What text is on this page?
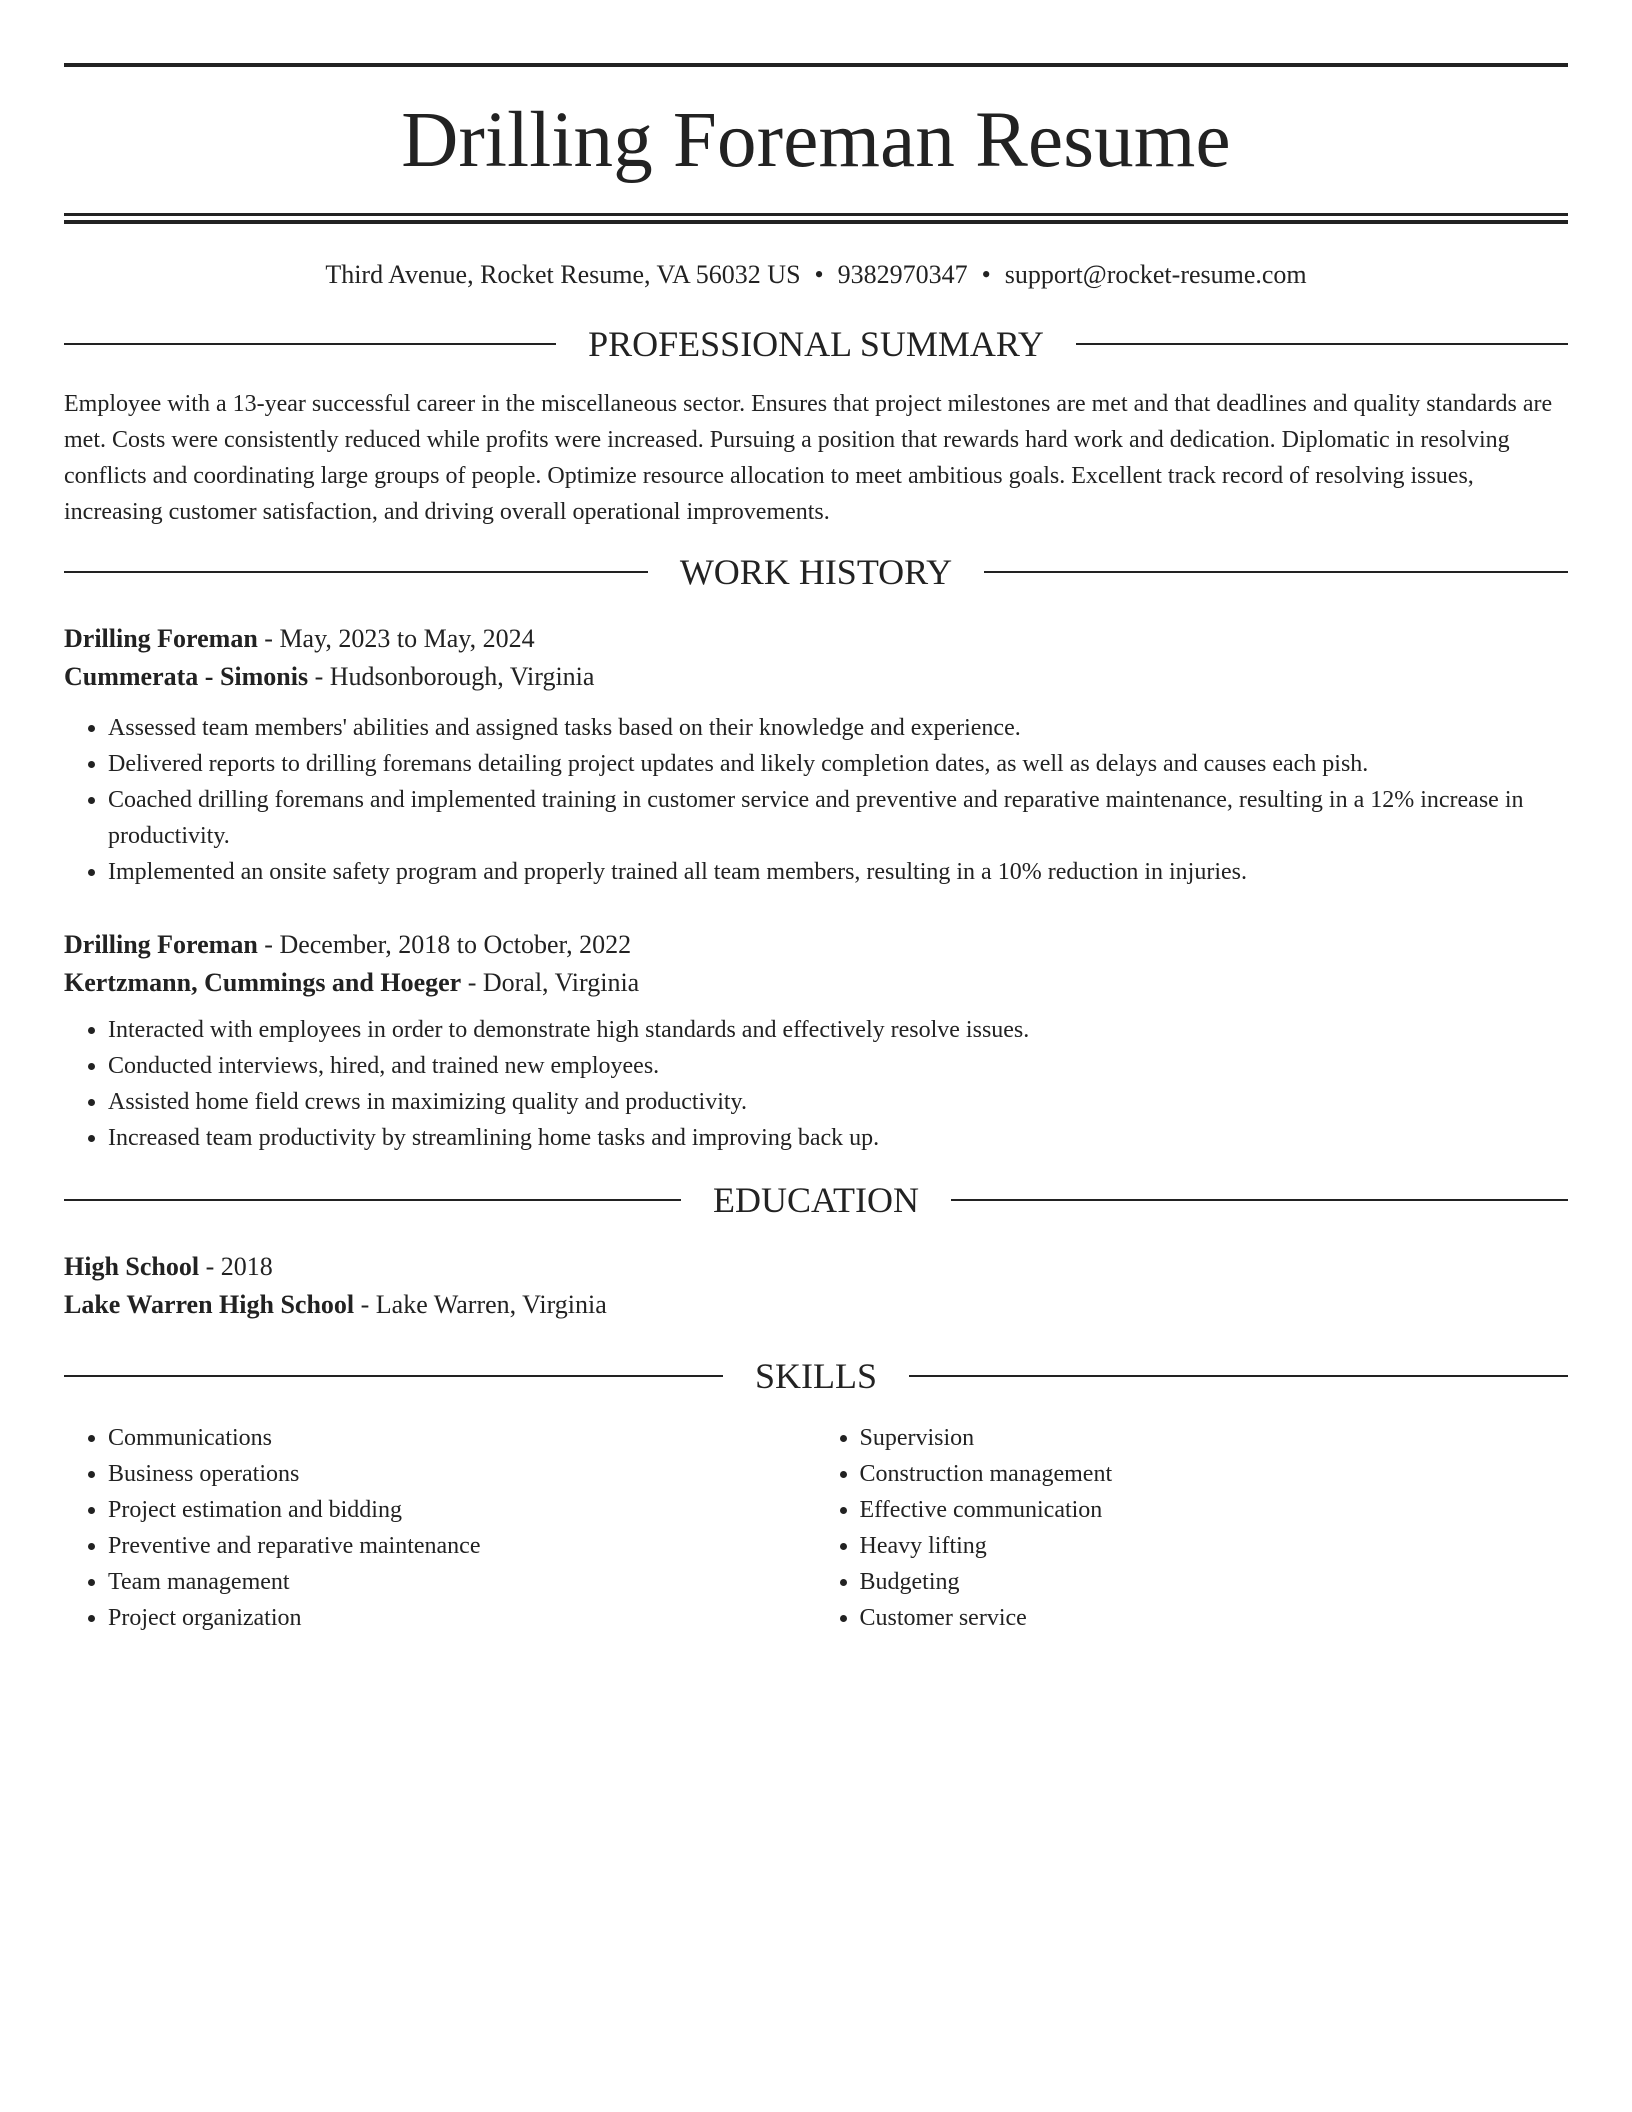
Drilling Foreman Resume
Third Avenue, Rocket Resume, VA 56032 US • 9382970347 • support@rocket-resume.com
PROFESSIONAL SUMMARY

Employee with a 13-year successful career in the miscellaneous sector. Ensures that project milestones are met and that deadlines and quality standards are met. Costs were consistently reduced while profits were increased. Pursuing a position that rewards hard work and dedication. Diplomatic in resolving conflicts and coordinating large groups of people. Optimize resource allocation to meet ambitious goals. Excellent track record of resolving issues, increasing customer satisfaction, and driving overall operational improvements.

WORK HISTORY
Drilling Foreman - May, 2023 to May, 2024
Cummerata - Simonis - Hudsonborough, Virginia
• Assessed team members' abilities and assigned tasks based on their knowledge and experience.
• Delivered reports to drilling foremans detailing project updates and likely completion dates, as well as delays and causes each pish.
• Coached drilling foremans and implemented training in customer service and preventive and reparative maintenance, resulting in a 12% increase in productivity.
• Implemented an onsite safety program and properly trained all team members, resulting in a 10% reduction in injuries.
Drilling Foreman - December, 2018 to October, 2022
Kertzmann, Cummings and Hoeger - Doral, Virginia
• Interacted with employees in order to demonstrate high standards and effectively resolve issues.
• Conducted interviews, hired, and trained new employees.
• Assisted home field crews in maximizing quality and productivity.
• Increased team productivity by streamlining home tasks and improving back up.
EDUCATION
High School - 2018
Lake Warren High School - Lake Warren, Virginia
SKILLS
• Communications
• Business operations
• Project estimation and bidding
• Preventive and reparative maintenance
• Team management
• Project organization
• Supervision
• Construction management
• Effective communication
• Heavy lifting
• Budgeting
• Customer service
